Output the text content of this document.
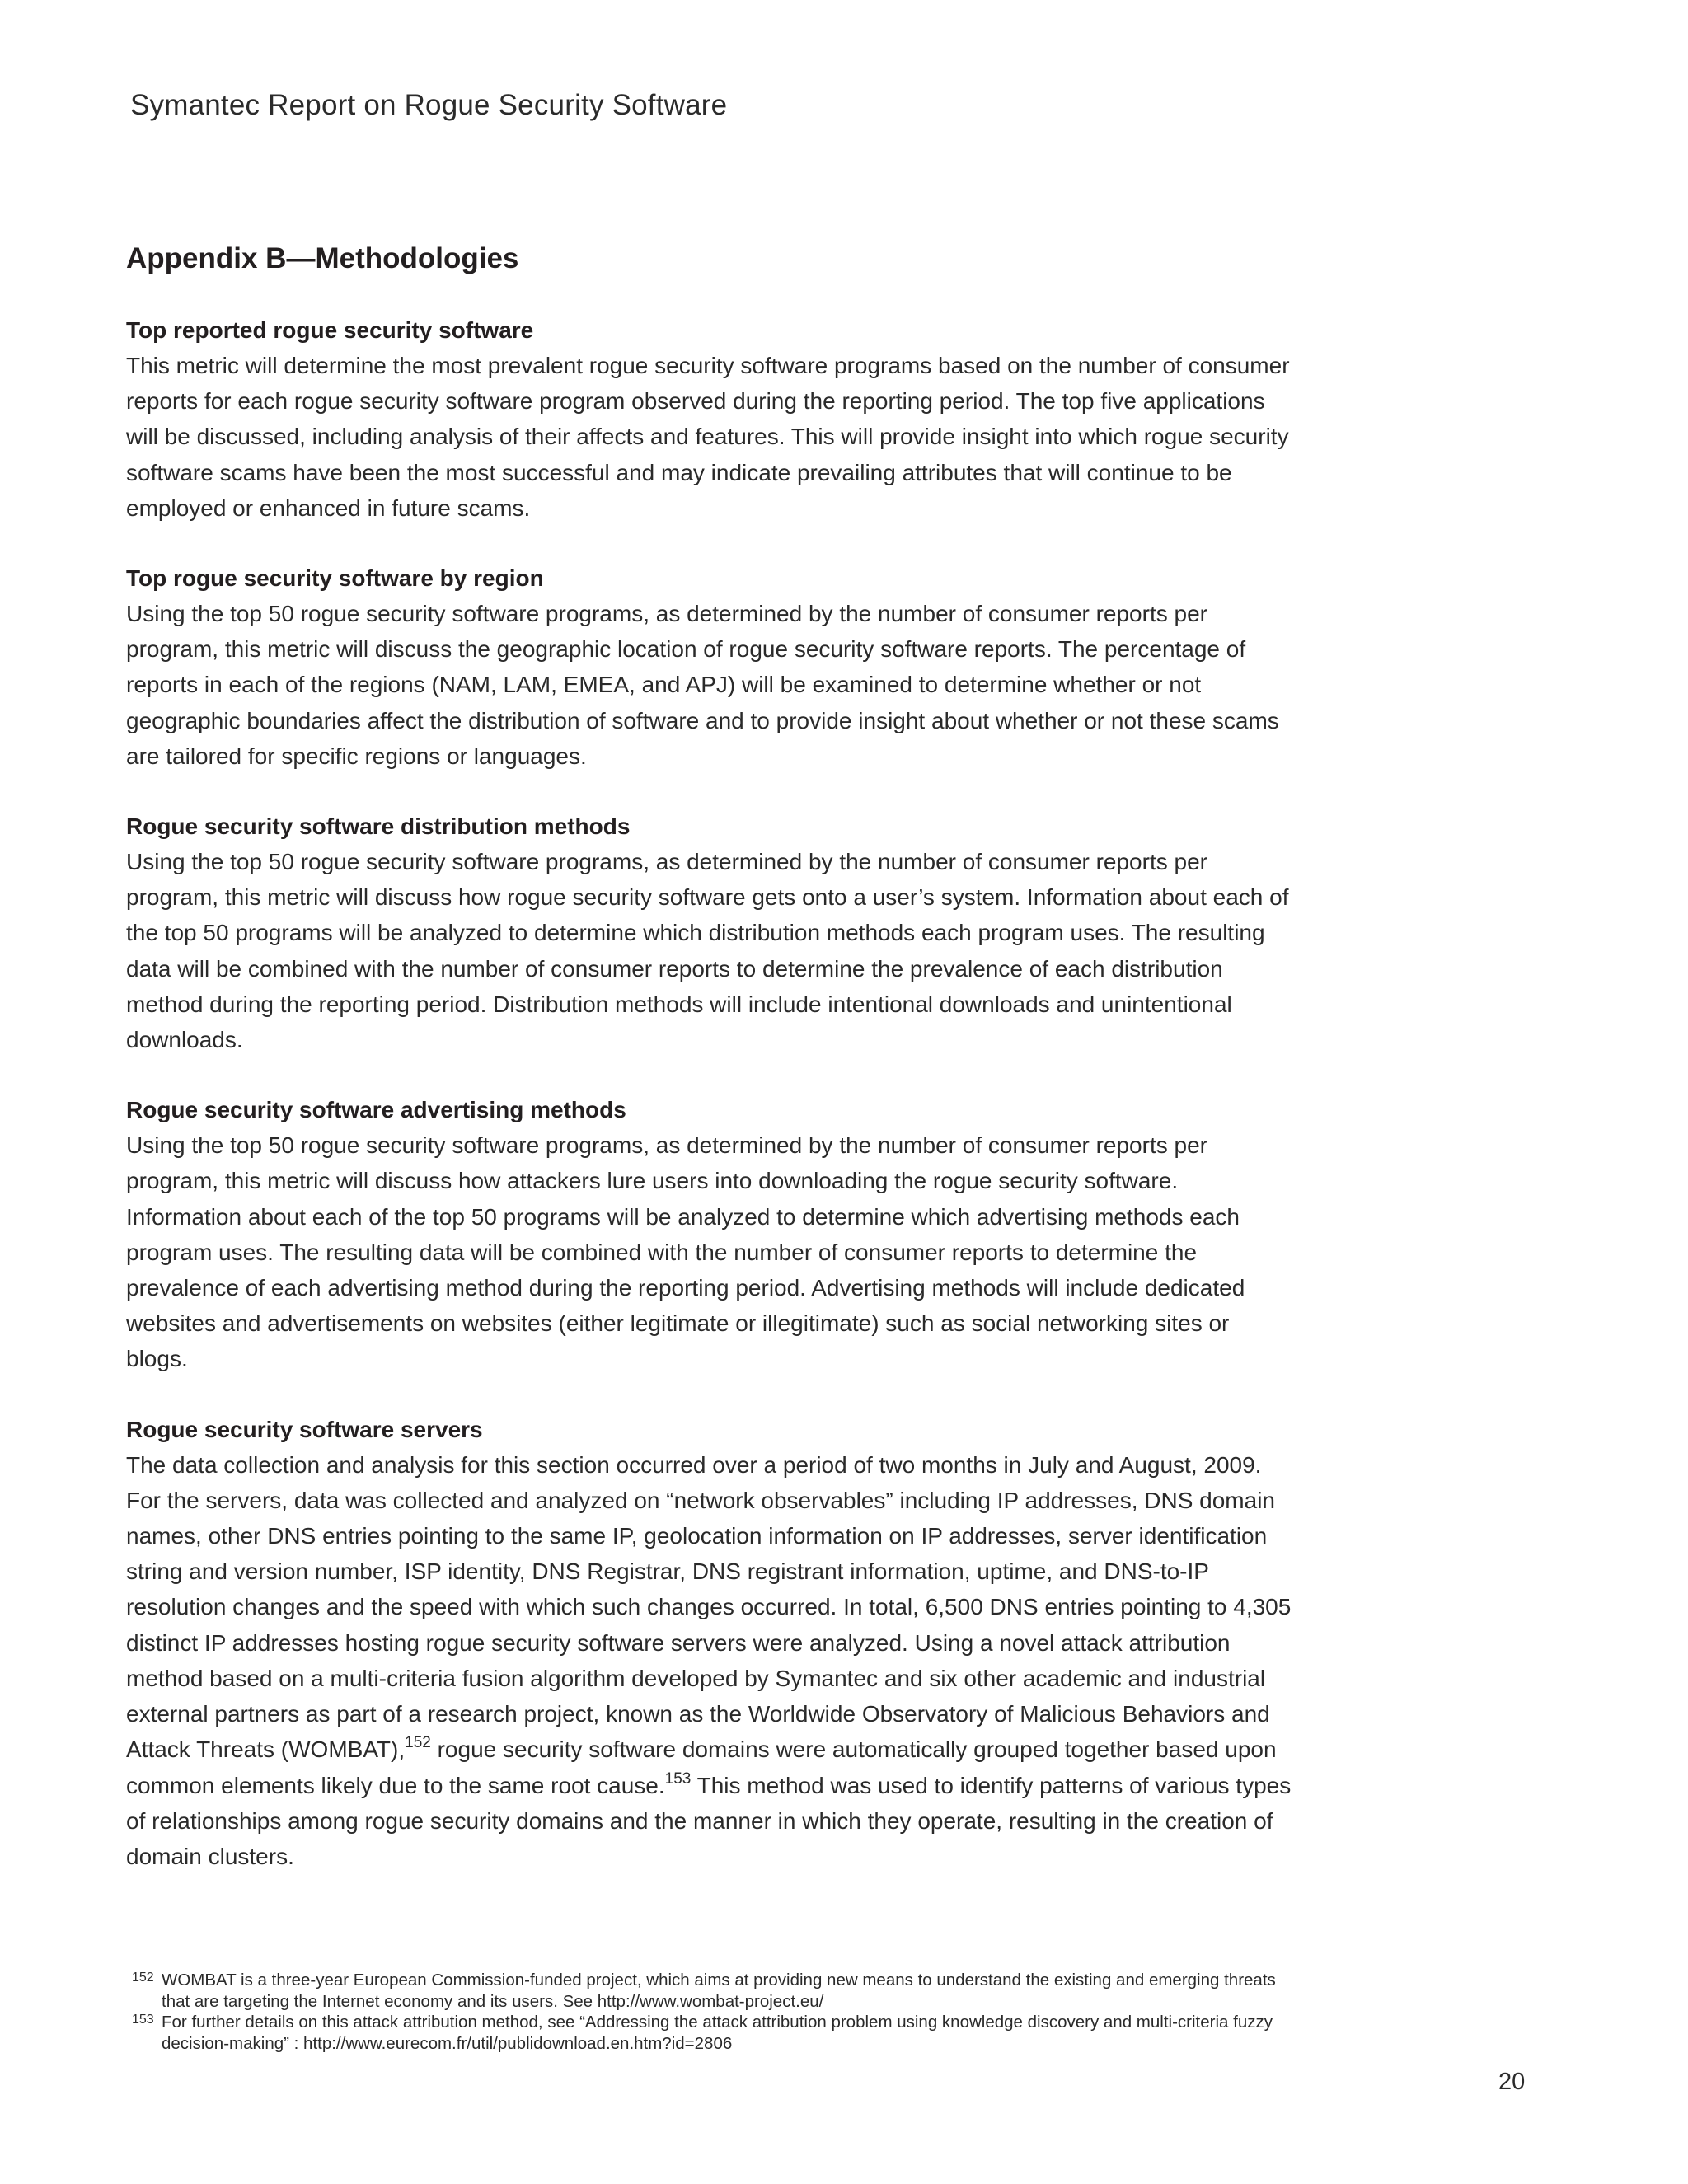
Symantec Report on Rogue Security Software
Appendix B—Methodologies

Top reported rogue security software

This metric will determine the most prevalent rogue security software programs based on the number of consumer reports for each rogue security software program observed during the reporting period. The top five applications will be discussed, including analysis of their affects and features. This will provide insight into which rogue security software scams have been the most successful and may indicate prevailing attributes that will continue to be employed or enhanced in future scams.

Top rogue security software by region

Using the top 50 rogue security software programs, as determined by the number of consumer reports per program, this metric will discuss the geographic location of rogue security software reports. The percentage of reports in each of the regions (NAM, LAM, EMEA, and APJ) will be examined to determine whether or not geographic boundaries affect the distribution of software and to provide insight about whether or not these scams are tailored for specific regions or languages.

Rogue security software distribution methods

Using the top 50 rogue security software programs, as determined by the number of consumer reports per program, this metric will discuss how rogue security software gets onto a user’s system. Information about each of the top 50 programs will be analyzed to determine which distribution methods each program uses. The resulting data will be combined with the number of consumer reports to determine the prevalence of each distribution method during the reporting period. Distribution methods will include intentional downloads and unintentional downloads.

Rogue security software advertising methods

Using the top 50 rogue security software programs, as determined by the number of consumer reports per program, this metric will discuss how attackers lure users into downloading the rogue security software. Information about each of the top 50 programs will be analyzed to determine which advertising methods each program uses. The resulting data will be combined with the number of consumer reports to determine the prevalence of each advertising method during the reporting period. Advertising methods will include dedicated websites and advertisements on websites (either legitimate or illegitimate) such as social networking sites or blogs.

Rogue security software servers

The data collection and analysis for this section occurred over a period of two months in July and August, 2009. For the servers, data was collected and analyzed on “network observables” including IP addresses, DNS domain names, other DNS entries pointing to the same IP, geolocation information on IP addresses, server identification string and version number, ISP identity, DNS Registrar, DNS registrant information, uptime, and DNS-to-IP resolution changes and the speed with which such changes occurred. In total, 6,500 DNS entries pointing to 4,305 distinct IP addresses hosting rogue security software servers were analyzed. Using a novel attack attribution method based on a multi-criteria fusion algorithm developed by Symantec and six other academic and industrial external partners as part of a research project, known as the Worldwide Observatory of Malicious Behaviors and Attack Threats (WOMBAT),$^{152}$ rogue security software domains were automatically grouped together based upon common elements likely due to the same root cause.$^{153}$ This method was used to identify patterns of various types of relationships among rogue security domains and the manner in which they operate, resulting in the creation of domain clusters.

152 WOMBAT is a three-year European Commission-funded project, which aims at providing new means to understand the existing and emerging threats that are targeting the Internet economy and its users. See http://www.wombat-project.eu/
153 For further details on this attack attribution method, see “Addressing the attack attribution problem using knowledge discovery and multi-criteria fuzzy decision-making” : http://www.eurecom.fr/util/publidownload.en.htm?id=2806
20
